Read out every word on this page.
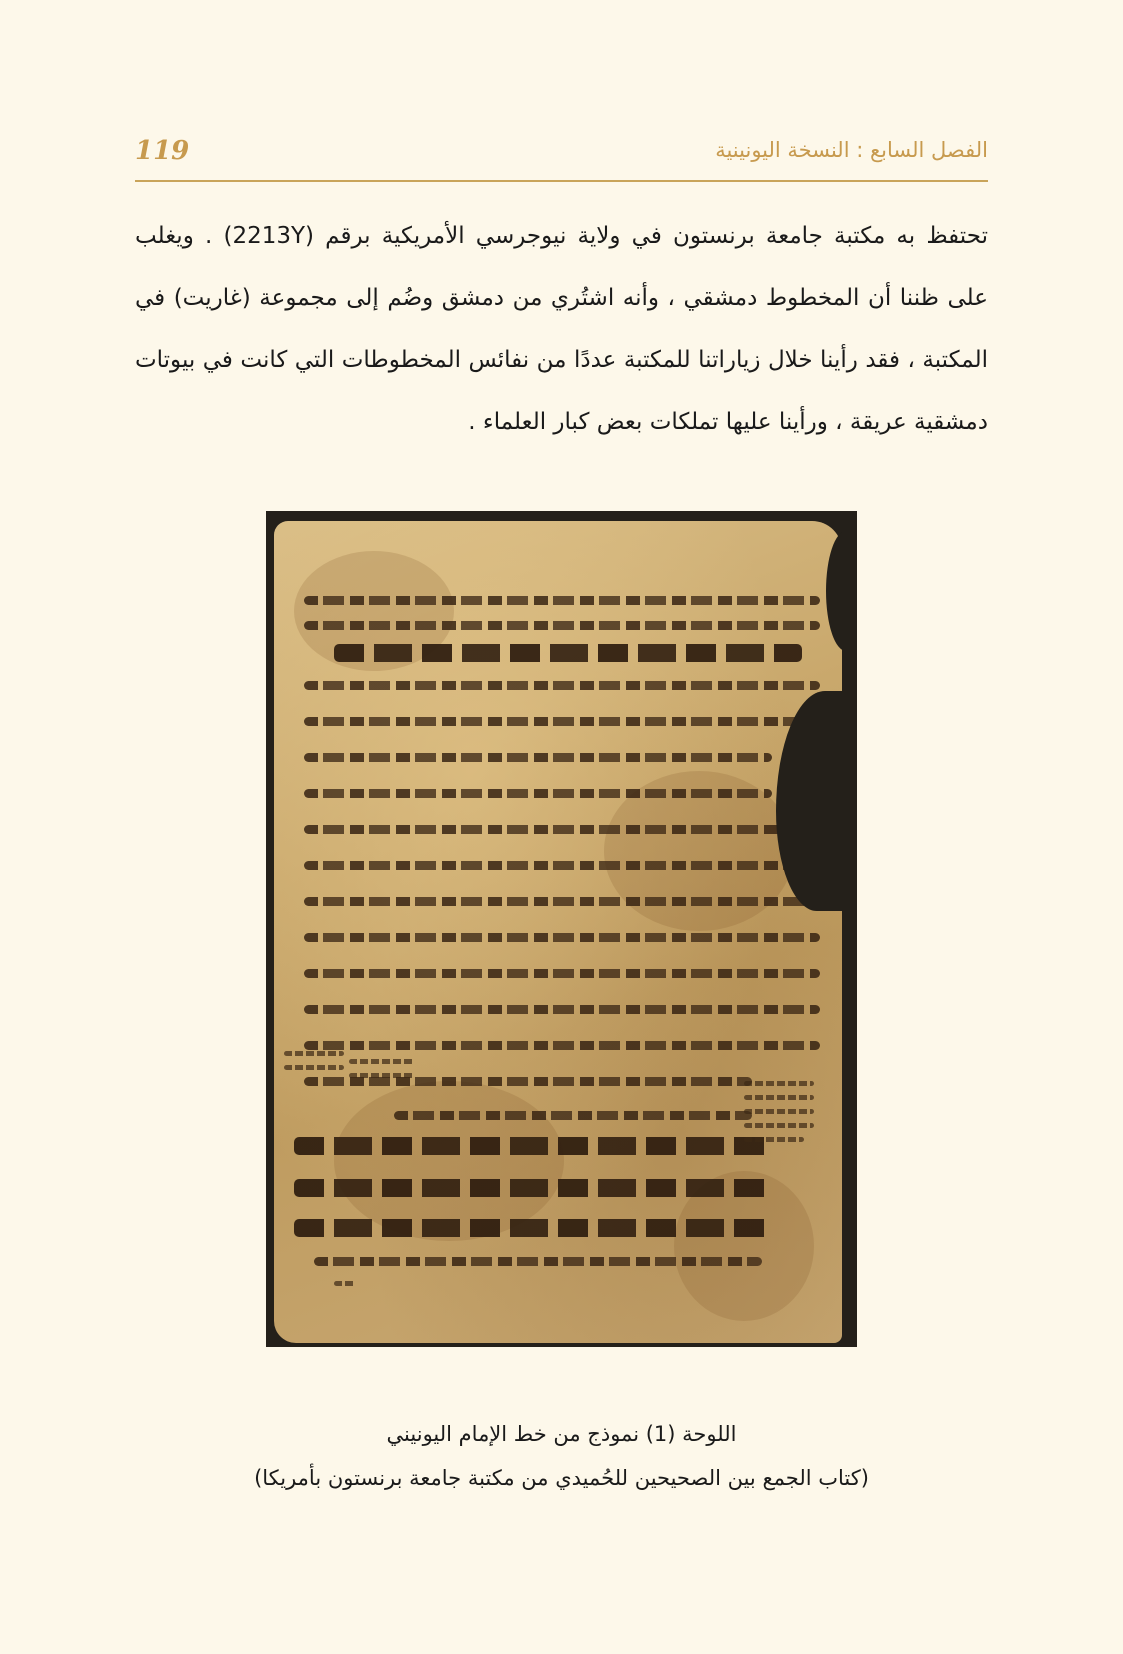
119	الفصل السابع : النسخة اليونينية

تحتفظ به مكتبة جامعة برنستون في ولاية نيوجرسي الأمريكية برقم (2213Y) . ويغلب على ظننا أن المخطوط دمشقي ، وأنه اشتُري من دمشق وضُم إلى مجموعة (غاريت) في المكتبة ، فقد رأينا خلال زياراتنا للمكتبة عددًا من نفائس المخطوطات التي كانت في بيوتات دمشقية عريقة ، ورأينا عليها تملكات بعض كبار العلماء .

اللوحة (1) نموذج من خط الإمام اليونيني
(كتاب الجمع بين الصحيحين للحُميدي من مكتبة جامعة برنستون بأمريكا)
